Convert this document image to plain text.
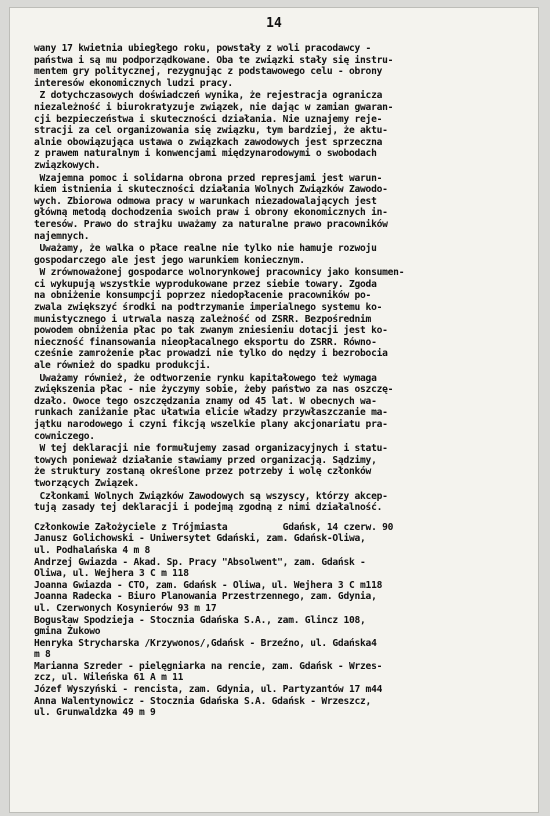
14
wany 17 kwietnia ubiegłego roku, powstały z woli pracodawcy -
państwa i są mu podporządkowane. Oba te związki stały się instru-
mentem gry politycznej, rezygnując z podstawowego celu - obrony
interesów ekonomicznych ludzi pracy.
Z dotychczasowych doświadczeń wynika, że rejestracja ogranicza
niezależność i biurokratyzuje związek, nie dając w zamian gwaran-
cji bezpieczeństwa i skuteczności działania. Nie uznajemy reje-
stracji za cel organizowania się związku, tym bardziej, że aktu-
alnie obowiązująca ustawa o związkach zawodowych jest sprzeczna
z prawem naturalnym i konwencjami międzynarodowymi o swobodach
związkowych.
Wzajemna pomoc i solidarna obrona przed represjami jest warun-
kiem istnienia i skuteczności działania Wolnych Związków Zawodo-
wych. Zbiorowa odmowa pracy w warunkach niezadowalających jest
główną metodą dochodzenia swoich praw i obrony ekonomicznych in-
teresów. Prawo do strajku uważamy za naturalne prawo pracowników
najemnych.
Uważamy, że walka o płace realne nie tylko nie hamuje rozwoju
gospodarczego ale jest jego warunkiem koniecznym.
W zrównoważonej gospodarce wolnorynkowej pracownicy jako konsumen-
ci wykupują wszystkie wyprodukowane przez siebie towary. Zgoda
na obniżenie konsumpcji poprzez niedopłacenie pracowników po-
zwala zwiększyć środki na podtrzymanie imperialnego systemu ko-
munistycznego i utrwala naszą zależność od ZSRR. Bezpośrednim
powodem obniżenia płac po tak zwanym zniesieniu dotacji jest ko-
nieczność finansowania nieopłacalnego eksportu do ZSRR. Równo-
cześnie zamrożenie płac prowadzi nie tylko do nędzy i bezrobocia
ale również do spadku produkcji.
Uważamy również, że odtworzenie rynku kapitałowego też wymaga
zwiększenia płac - nie życzymy sobie, żeby państwo za nas oszczę-
dzało. Owoce tego oszczędzania znamy od 45 lat. W obecnych wa-
runkach zaniżanie płac ułatwia elicie władzy przywłaszczanie ma-
jątku narodowego i czyni fikcją wszelkie plany akcjonariatu pra-
cowniczego.
W tej deklaracji nie formułujemy zasad organizacyjnych i statu-
towych ponieważ działanie stawiamy przed organizacją. Sądzimy,
że struktury zostaną określone przez potrzeby i wolę członków
tworzących Związek.
Członkami Wolnych Związków Zawodowych są wszyscy, którzy akcep-
tują zasady tej deklaracji i podejmą zgodną z nimi działalność.
Członkowie Założyciele z Trójmiasta          Gdańsk, 14 czerw. 90
Janusz Golichowski - Uniwersytet Gdański, zam. Gdańsk-Oliwa,
ul. Podhalańska 4 m 8
Andrzej Gwiazda - Akad. Sp. Pracy "Absolwent", zam. Gdańsk -
Oliwa, ul. Wejhera 3 C m 118
Joanna Gwiazda - CTO, zam. Gdańsk - Oliwa, ul. Wejhera 3 C m118
Joanna Radecka - Biuro Planowania Przestrzennego, zam. Gdynia,
ul. Czerwonych Kosynierów 93 m 17
Bogusław Spodzieja - Stocznia Gdańska S.A., zam. Glincz 108,
gmina Żukowo
Henryka Strycharska /Krzywonos/,Gdańsk - Brzeźno, ul. Gdańska4
m 8
Marianna Szreder - pielęgniarka na rencie, zam. Gdańsk - Wrzes-
zcz, ul. Wileńska 61 A m 11
Józef Wyszyński - rencista, zam. Gdynia, ul. Partyzantów 17 m44
Anna Walentynowicz - Stocznia Gdańska S.A. Gdańsk - Wrzeszcz,
ul. Grunwaldzka 49 m 9
